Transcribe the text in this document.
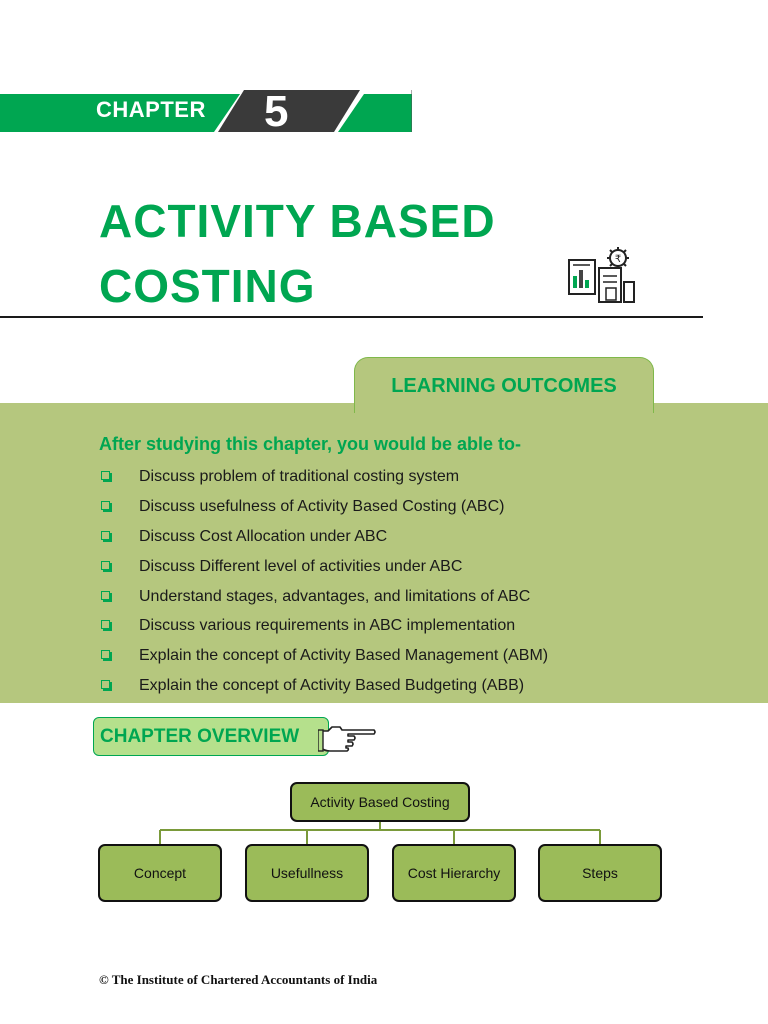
CHAPTER 5
ACTIVITY BASED
COSTING
₹
LEARNING OUTCOMES
After studying this chapter, you would be able to-
Discuss problem of traditional costing system
Discuss usefulness of Activity Based Costing (ABC)
Discuss Cost Allocation under ABC
Discuss Different level of activities under ABC
Understand stages, advantages, and limitations of ABC
Discuss various requirements in ABC implementation
Explain the concept of Activity Based Management (ABM)
Explain the concept of Activity Based Budgeting (ABB)
CHAPTER OVERVIEW
Activity Based Costing
Concept	Usefullness	Cost Hierarchy	Steps
© The Institute of Chartered Accountants of India
